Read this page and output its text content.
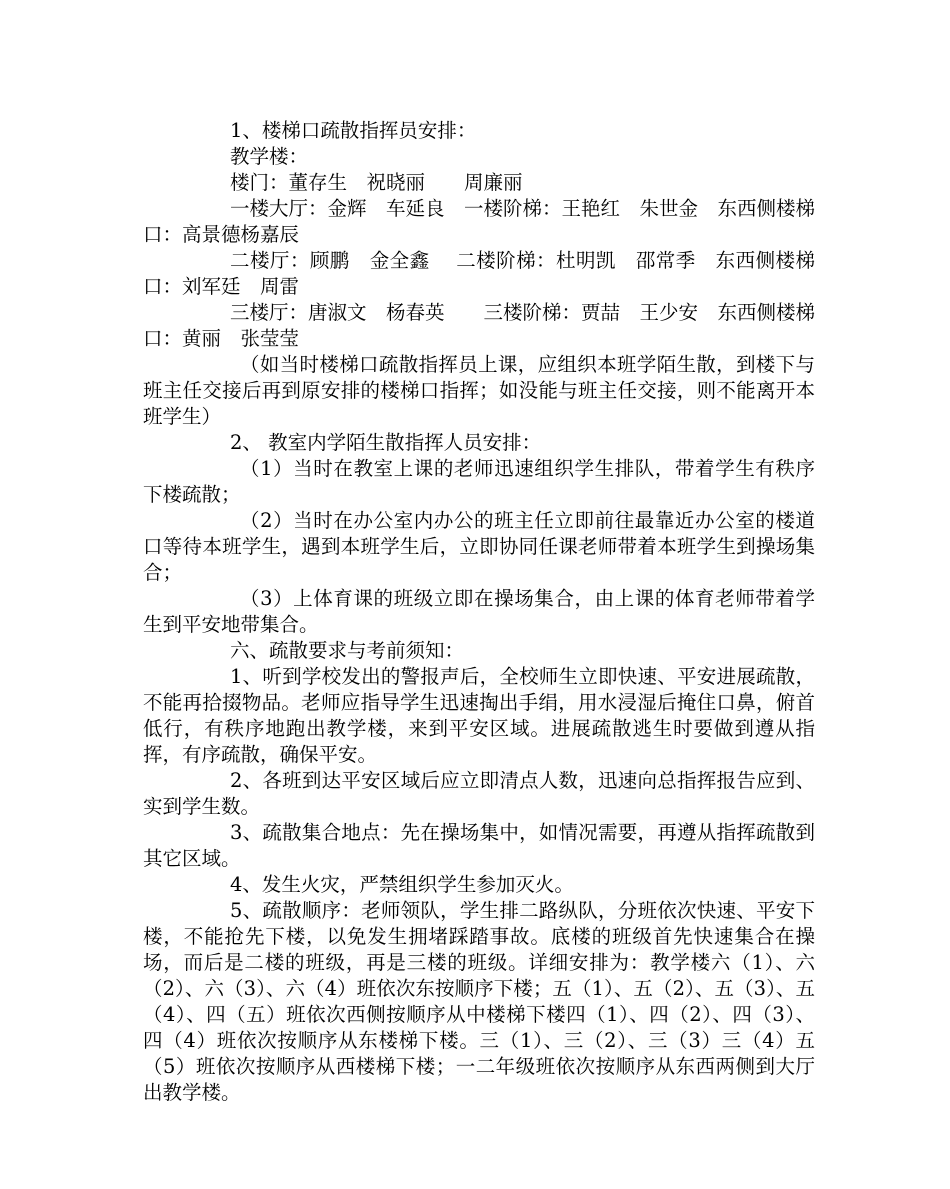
1、楼梯口疏散指挥员安排：

教学楼：

楼门：董存生　祝晓丽　　周廉丽

一楼大厅：金辉　车延良　一楼阶梯：王艳红　朱世金　东西侧楼梯口：高景德杨嘉辰

二楼厅：顾鹏　金全鑫　 二楼阶梯：杜明凯　邵常季　东西侧楼梯口：刘军廷　周雷

三楼厅：唐淑文　杨春英　　三楼阶梯：贾喆　王少安　东西侧楼梯口：黄丽　张莹莹

（如当时楼梯口疏散指挥员上课，应组织本班学陌生散，到楼下与班主任交接后再到原安排的楼梯口指挥；如没能与班主任交接，则不能离开本班学生）

2、 教室内学陌生散指挥人员安排：

（1）当时在教室上课的老师迅速组织学生排队，带着学生有秩序下楼疏散；

（2）当时在办公室内办公的班主任立即前往最靠近办公室的楼道口等待本班学生，遇到本班学生后，立即协同任课老师带着本班学生到操场集合；

（3）上体育课的班级立即在操场集合，由上课的体育老师带着学生到平安地带集合。

六、疏散要求与考前须知：

1、听到学校发出的警报声后，全校师生立即快速、平安进展疏散，不能再拾掇物品。老师应指导学生迅速掏出手绢，用水浸湿后掩住口鼻，俯首低行，有秩序地跑出教学楼，来到平安区域。进展疏散逃生时要做到遵从指挥，有序疏散，确保平安。

2、各班到达平安区域后应立即清点人数，迅速向总指挥报告应到、实到学生数。

3、疏散集合地点：先在操场集中，如情况需要，再遵从指挥疏散到其它区域。

4、发生火灾，严禁组织学生参加灭火。

5、疏散顺序：老师领队，学生排二路纵队，分班依次快速、平安下楼，不能抢先下楼，以免发生拥堵踩踏事故。底楼的班级首先快速集合在操场，而后是二楼的班级，再是三楼的班级。详细安排为：教学楼六（1）、六（2）、六（3）、六（4）班依次东按顺序下楼；五（1）、五（2）、五（3）、五（4）、四（五）班依次西侧按顺序从中楼梯下楼四（1）、四（2）、四（3）、四（4）班依次按顺序从东楼梯下楼。三（1）、三（2）、三（3）三（4）五（5）班依次按顺序从西楼梯下楼；一二年级班依次按顺序从东西两侧到大厅出教学楼。
